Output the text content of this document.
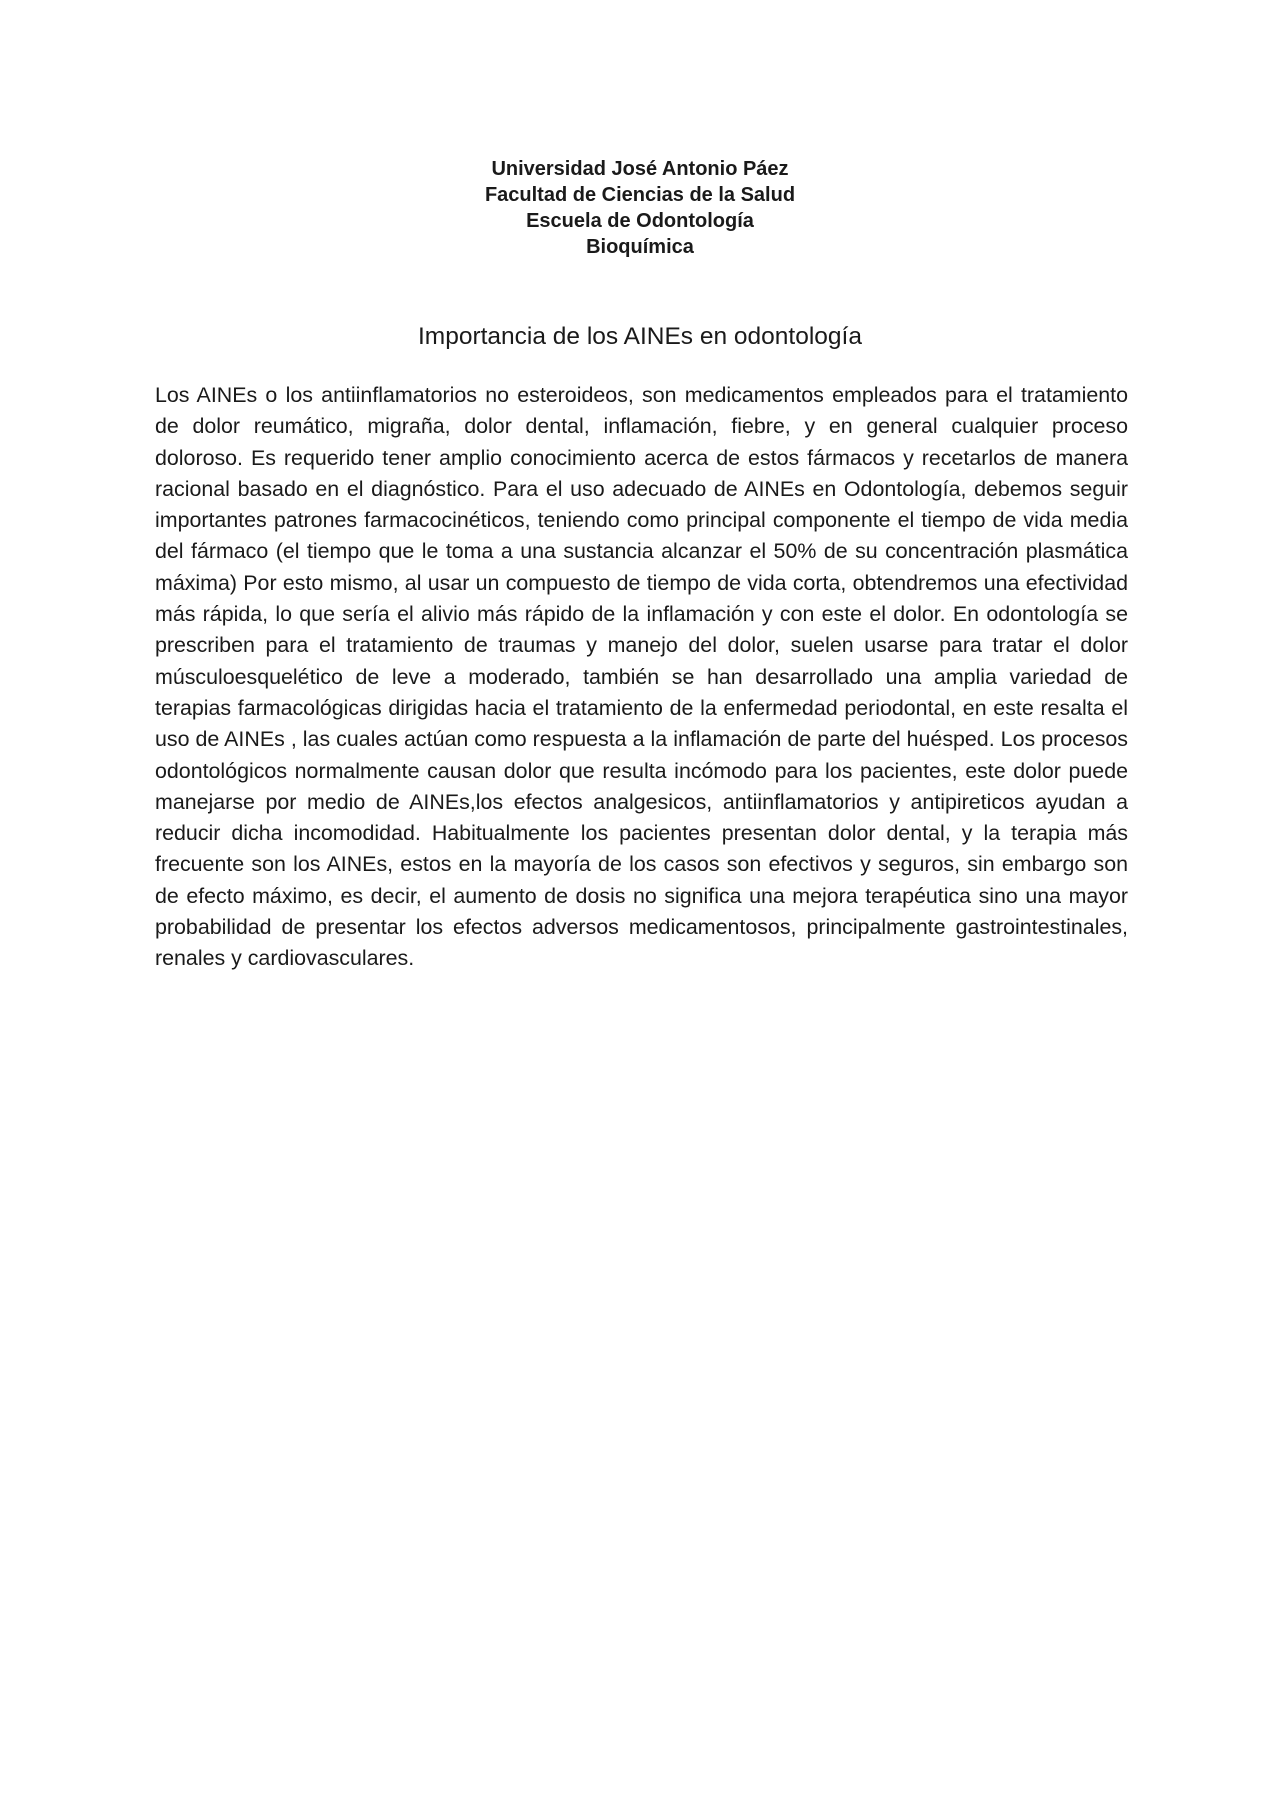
Universidad José Antonio Páez
Facultad de Ciencias de la Salud
Escuela de Odontología
Bioquímica
Importancia de los AINEs en odontología

Los AINEs o los antiinflamatorios no esteroideos, son medicamentos empleados para el tratamiento de dolor reumático, migraña, dolor dental, inflamación, fiebre, y en general cualquier proceso doloroso. Es requerido tener amplio conocimiento acerca de estos fármacos y recetarlos de manera racional basado en el diagnóstico. Para el uso adecuado de AINEs en Odontología, debemos seguir importantes patrones farmacocinéticos, teniendo como principal componente el tiempo de vida media del fármaco (el tiempo que le toma a una sustancia alcanzar el 50% de su concentración plasmática máxima) Por esto mismo, al usar un compuesto de tiempo de vida corta, obtendremos una efectividad más rápida, lo que sería el alivio más rápido de la inflamación y con este el dolor. En odontología se prescriben para el tratamiento de traumas y manejo del dolor, suelen usarse para tratar el dolor músculoesquelético de leve a moderado, también se han desarrollado una amplia variedad de terapias farmacológicas dirigidas hacia el tratamiento de la enfermedad periodontal, en este resalta el uso de AINEs , las cuales actúan como respuesta a la inflamación de parte del huésped. Los procesos odontológicos normalmente causan dolor que resulta incómodo para los pacientes, este dolor puede manejarse por medio de AINEs,los efectos analgesicos, antiinflamatorios y antipireticos ayudan a reducir dicha incomodidad. Habitualmente los pacientes presentan dolor dental, y la terapia más frecuente son los AINEs, estos en la mayoría de los casos son efectivos y seguros, sin embargo son de efecto máximo, es decir, el aumento de dosis no significa una mejora terapéutica sino una mayor probabilidad de presentar los efectos adversos medicamentosos, principalmente gastrointestinales, renales y cardiovasculares.
